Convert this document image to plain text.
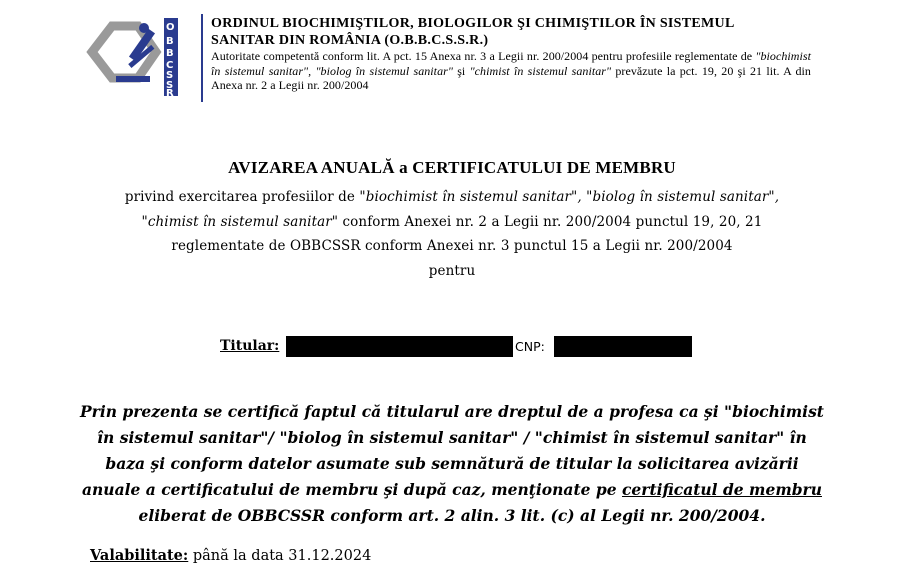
O
B
B
C
S
S
R

ORDINUL BIOCHIMIŞTILOR, BIOLOGILOR ŞI CHIMIŞTILOR ÎN SISTEMUL
SANITAR DIN ROMÂNIA (O.B.B.C.S.S.R.)

Autoritate competentă conform lit. A pct. 15 Anexa nr. 3 a Legii nr. 200/2004 pentru profesiile reglementate de "biochimist în sistemul sanitar", "biolog în sistemul sanitar" şi "chimist în sistemul sanitar" prevăzute la pct. 19, 20 şi 21 lit. A din Anexa nr. 2 a Legii nr. 200/2004

AVIZAREA ANUALĂ a CERTIFICATULUI DE MEMBRU
privind exercitarea profesiilor de "biochimist în sistemul sanitar", "biolog în sistemul sanitar",
"chimist în sistemul sanitar" conform Anexei nr. 2 a Legii nr. 200/2004 punctul 19, 20, 21
reglementate de OBBCSSR conform Anexei nr. 3 punctul 15 a Legii nr. 200/2004
pentru
Titular:	CNP:
Prin prezenta se certifică faptul că titularul are dreptul de a profesa ca şi "biochimist în sistemul sanitar"/ "biolog în sistemul sanitar" / "chimist în sistemul sanitar" în baza şi conform datelor asumate sub semnătură de titular la solicitarea avizării anuale a certificatului de membru şi după caz, menţionate pe certificatul de membru eliberat de OBBCSSR conform art. 2 alin. 3 lit. (c) al Legii nr. 200/2004.
Valabilitate: până la data 31.12.2024
